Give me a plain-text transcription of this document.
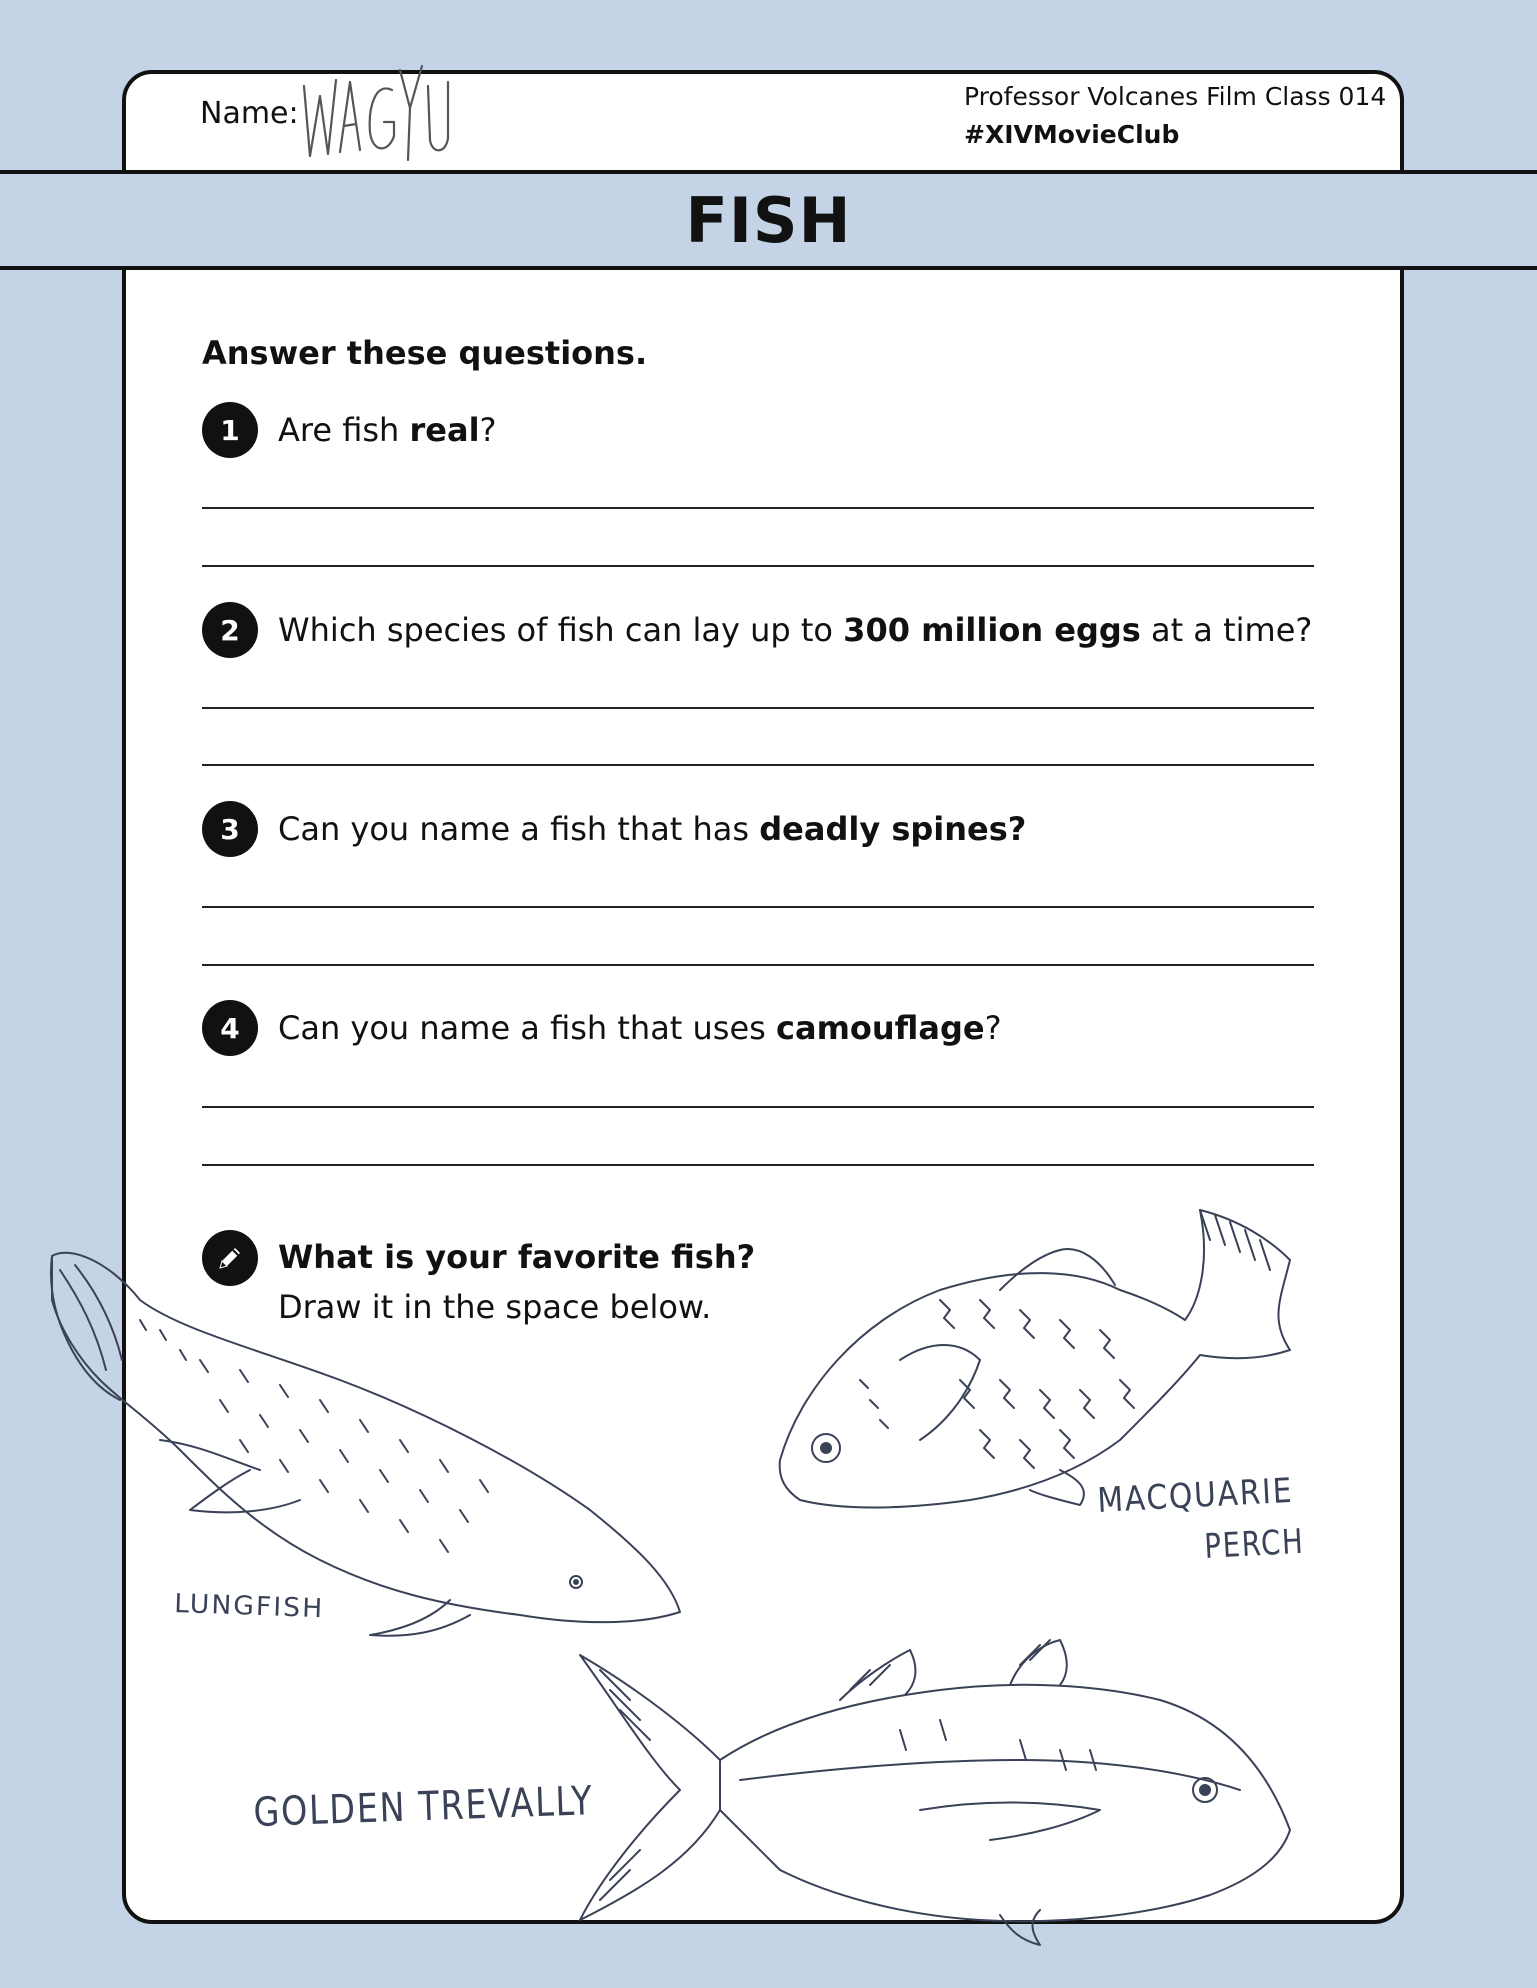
Name:	Professor Volcanes Film Class 014
#XIVMovieClub
FISH
Answer these questions.
1	Are fish real?
2	Which species of fish can lay up to 300 million eggs at a time?
3	Can you name a fish that has deadly spines?
4	Can you name a fish that uses camouflage?
What is your favorite fish?
Draw it in the space below.
LUNGFISH
MACQUARIE
PERCH
GOLDEN TREVALLY
